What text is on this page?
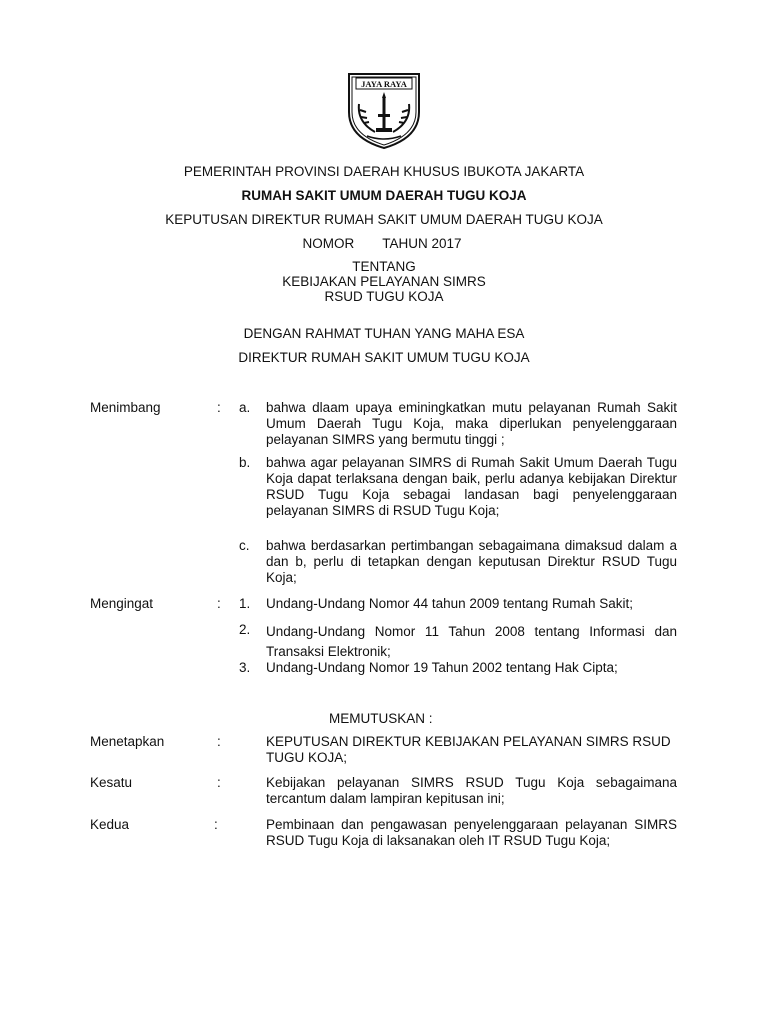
JAYA RAYA
PEMERINTAH PROVINSI DAERAH KHUSUS IBUKOTA JAKARTA
RUMAH SAKIT UMUM DAERAH TUGU KOJA
KEPUTUSAN DIREKTUR RUMAH SAKIT UMUM DAERAH TUGU KOJA
NOMOR TAHUN 2017
TENTANG
KEBIJAKAN PELAYANAN SIMRS
RSUD TUGU KOJA
DENGAN RAHMAT TUHAN YANG MAHA ESA
DIREKTUR RUMAH SAKIT UMUM TUGU KOJA
Menimbang	: a. bahwa dlaam upaya eminingkatkan mutu pelayanan Rumah Sakit Umum Daerah Tugu Koja, maka diperlukan penyelenggaraan pelayanan SIMRS yang bermutu tinggi ;
b. bahwa agar pelayanan SIMRS di Rumah Sakit Umum Daerah Tugu Koja dapat terlaksana dengan baik, perlu adanya kebijakan Direktur RSUD Tugu Koja sebagai landasan bagi penyelenggaraan pelayanan SIMRS di RSUD Tugu Koja;
c. bahwa berdasarkan pertimbangan sebagaimana dimaksud dalam a dan b, perlu di tetapkan dengan keputusan Direktur RSUD Tugu Koja;
Mengingat	: 1. Undang-Undang Nomor 44 tahun 2009 tentang Rumah Sakit;
2. Undang-Undang Nomor 11 Tahun 2008 tentang Informasi dan Transaksi Elektronik;
3. Undang-Undang Nomor 19 Tahun 2002 tentang Hak Cipta;
MEMUTUSKAN :
Menetapkan	:	KEPUTUSAN DIREKTUR KEBIJAKAN PELAYANAN SIMRS RSUD TUGU KOJA;
Kesatu	:	Kebijakan pelayanan SIMRS RSUD Tugu Koja sebagaimana tercantum dalam lampiran kepitusan ini;
Kedua	:	Pembinaan dan pengawasan penyelenggaraan pelayanan SIMRS RSUD Tugu Koja di laksanakan oleh IT RSUD Tugu Koja;
